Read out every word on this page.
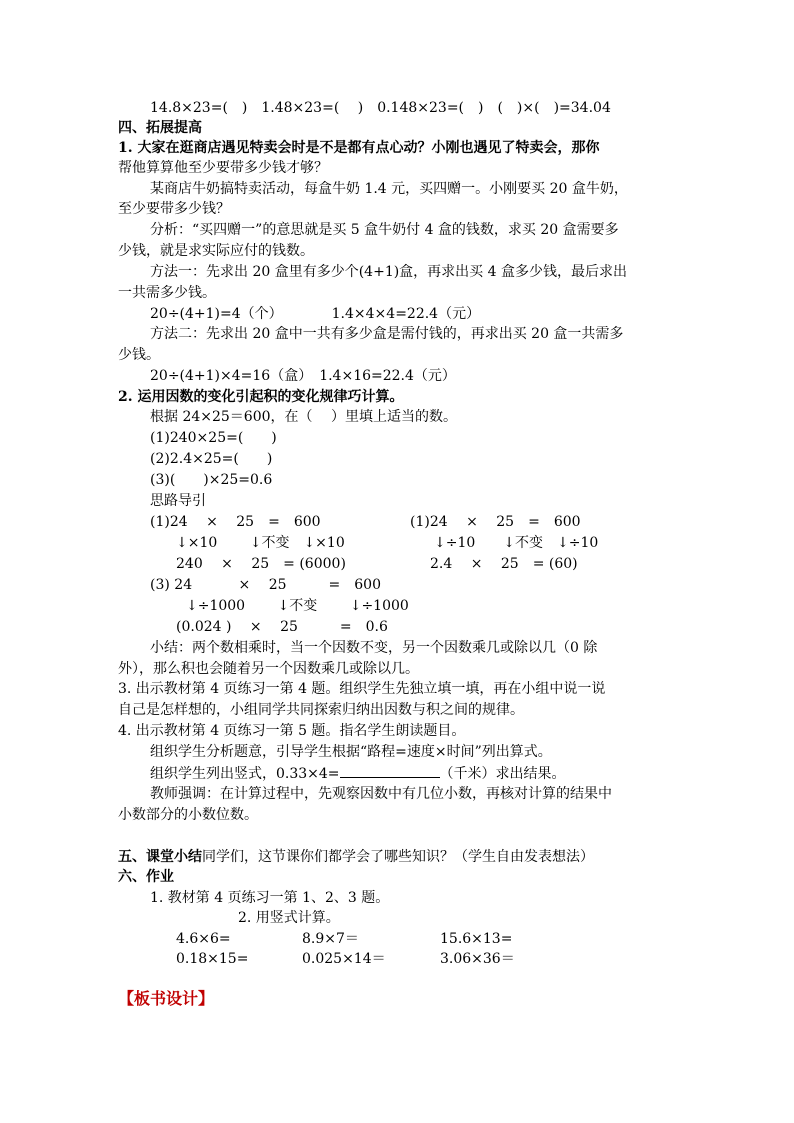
14.8×23=(　)　1.48×23=(　 )　0.148×23=(　)　(　)×(　)=34.04
四、拓展提高
1. 大家在逛商店遇见特卖会时是不是都有点心动？小刚也遇见了特卖会，那你
帮他算算他至少要带多少钱才够？
某商店牛奶搞特卖活动，每盒牛奶 1.4 元，买四赠一。小刚要买 20 盒牛奶，
至少要带多少钱？
分析：“买四赠一”的意思就是买 5 盒牛奶付 4 盒的钱数，求买 20 盒需要多
少钱，就是求实际应付的钱数。
方法一：先求出 20 盒里有多少个(4+1)盒，再求出买 4 盒多少钱，最后求出
一共需多少钱。
20÷(4+1)=4（个）　　　　1.4×4×4=22.4（元）
方法二：先求出 20 盒中一共有多少盒是需付钱的，再求出买 20 盒一共需多
少钱。
20÷(4+1)×4=16（盒）　1.4×16=22.4（元）
2. 运用因数的变化引起积的变化规律巧计算。
根据 24×25＝600，在（　 ）里填上适当的数。
(1)240×25=(　　)
(2)2.4×25=(　　)
(3)(　　)×25=0.6
思路导引
(1)24　 ×　 25　=　600	(1)24　 ×　 25　=　600
↓×10　　 ↓不变　↓×10	↓÷10　　↓不变　↓÷10
240　 ×　 25　= (6000)	2.4　 ×　 25　= (60)
(3) 24　　　 ×　 25　　　=　600
↓÷1000　　 ↓不变　　 ↓÷1000
(0.024 )　 ×　 25　　　=　0.6
小结：两个数相乘时，当一个因数不变，另一个因数乘几或除以几（0 除
外），那么积也会随着另一个因数乘几或除以几。
3. 出示教材第 4 页练习一第 4 题。组织学生先独立填一填，再在小组中说一说
自己是怎样想的，小组同学共同探索归纳出因数与积之间的规律。
4. 出示教材第 4 页练习一第 5 题。指名学生朗读题目。
组织学生分析题意，引导学生根据“路程=速度×时间”列出算式。
组织学生列出竖式，0.33×4=	（千米）求出结果。
教师强调：在计算过程中，先观察因数中有几位小数，再核对计算的结果中
小数部分的小数位数。
五、课堂小结同学们，这节课你们都学会了哪些知识？（学生自由发表想法）
六、作业
1. 教材第 4 页练习一第 1、2、3 题。
2. 用竖式计算。
4.6×6=	8.9×7＝	15.6×13=
0.18×15=	0.025×14＝	3.06×36＝
【板书设计】
